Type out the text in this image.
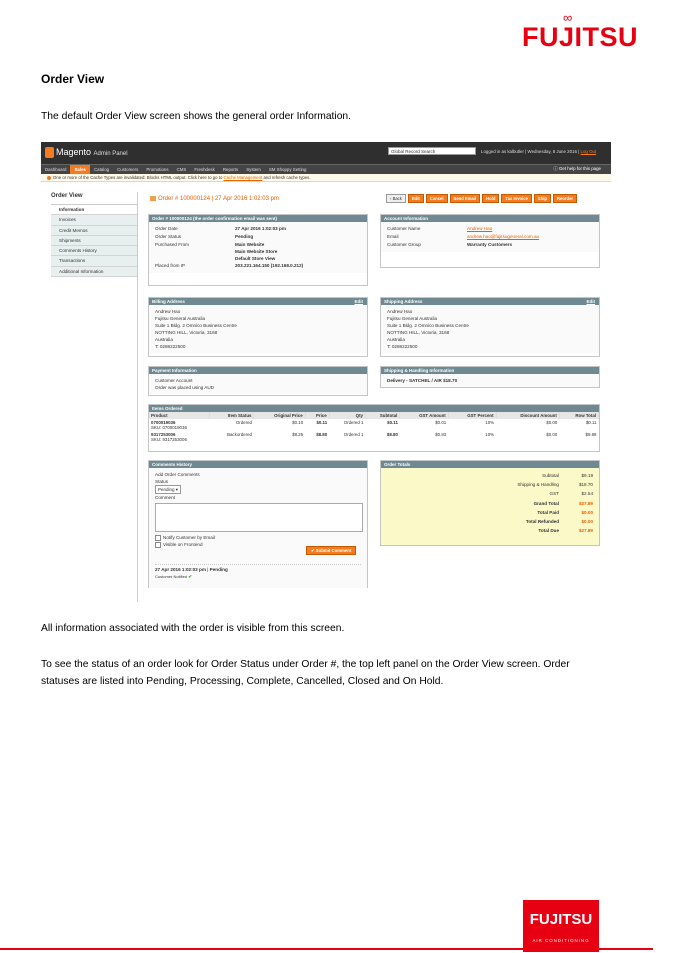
∞
FUJITSU
Order View

The default Order View screen shows the general order Information.

Magento Admin Panel	Global Record Search	Logged in as kalbutler | Wednesday, 8 June 2016 | Log Out
Dashboard Sales Catalog Customers Promotions CMS Freshdesk Reports System SM Shoppy Setting	ⓘ Get help for this page
One or more of the Cache Types are invalidated: Blocks HTML output. Click here to go to Cache Management and refresh cache types.
Order View
Information
Invoices
Credit Memos
Shipments
Comments History
Transactions
Additional Information
Order # 100000124 | 27 Apr 2016 1:02:03 pm	‹ Back Edit Cancel Send Email Hold Tax Invoice Ship Reorder
Order # 100000124 (the order confirmation email was sent)
Order Date	27 Apr 2016 1:02:03 pm
Order Status	Pending
Purchased From	Main Website
Main Website Store
Default Store View
Placed from IP	203.221.164.150 (192.168.0.212)
Account Information
Customer Name	Andrew Hao
Email	andrew.hao@fujitsugeneral.com.au
Customer Group	Warranty Customers
Billing Address	Edit
Andrew Hao
Fujitsu General Australia
Suite 1 Bldg. 2 Omnico Business Centre
NOTTING HILL, Victoria, 3168
Australia
T: 0288222500
Shipping Address	Edit
Andrew Hao
Fujitsu General Australia
Suite 1 Bldg. 2 Omnico Business Centre
NOTTING HILL, Victoria, 3168
Australia
T: 0288222500
Payment Information
Customer Account
Order was placed using AUD
Shipping & Handling Information
Delivery - SATCHEL / AIR $18.70
Items Ordered
Product	Item Status	Original Price	Price	Qty	Subtotal	GST Amount	GST Percent	Discount Amount	Row Total
0700019036
SKU: 0700019036	Ordered	$0.10	$0.11	Ordered 1	$0.11	$0.01	10%	$0.00	$0.11
9317253006
SKU: 9317253006	Backordered	$8.25	$8.80	Ordered 1	$8.80	$0.83	10%	$0.00	$9.88
Comments History
Add Order Comments
Status
Pending ▾
Comment
Notify Customer by Email
Visible on Frontend
✔ Submit Comment
27 Apr 2016 1:02:03 pm | Pending
Customer Notified ✔
Order Totals
Subtotal	$9.19
Shipping & Handling	$18.70
GST	$2.54
Grand Total	$27.89
Total Paid	$0.00
Total Refunded	$0.00
Total Due	$27.89

All information associated with the order is visible from this screen.

To see the status of an order look for Order Status under Order #, the top left panel on the Order View screen. Order

statuses are listed into Pending, Processing, Complete, Cancelled, Closed and On Hold.

FUJITSU
AIR CONDITIONING
